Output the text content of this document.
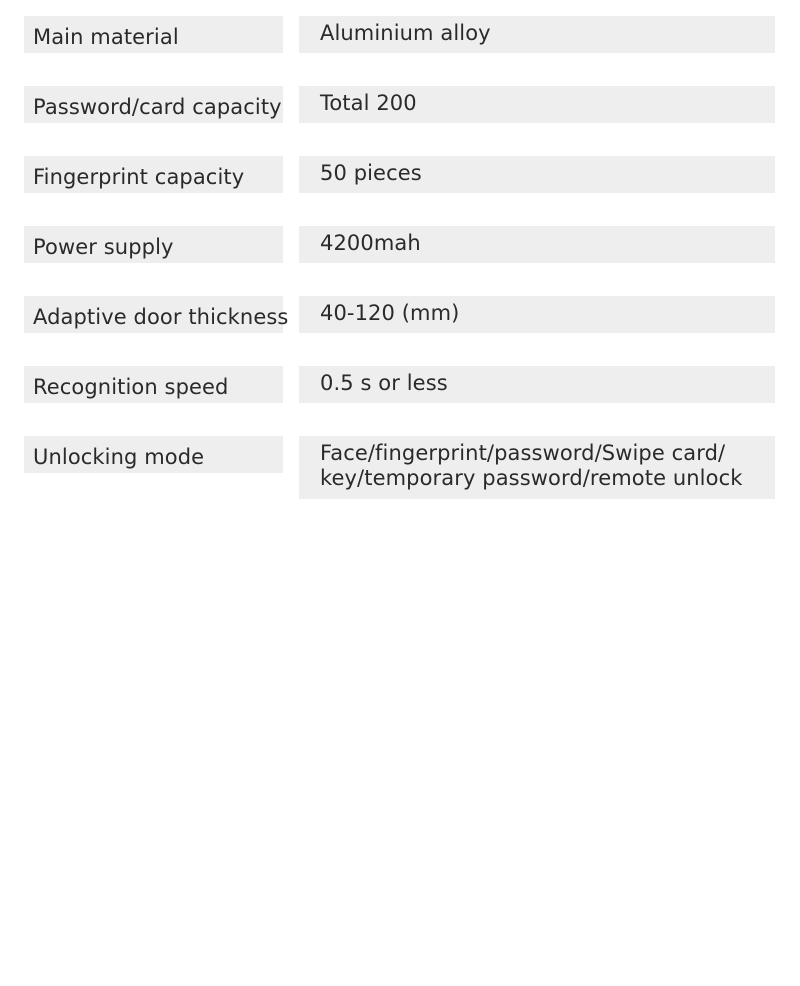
Main material	Aluminium alloy
Password/card capacity Total 200
Fingerprint capacity	50 pieces
Power supply	4200mah
Adaptive door thickness 40-120 (mm)
Recognition speed	0.5 s or less
Unlocking mode	Face/fingerprint/password/Swipe card/
key/temporary password/remote unlock
